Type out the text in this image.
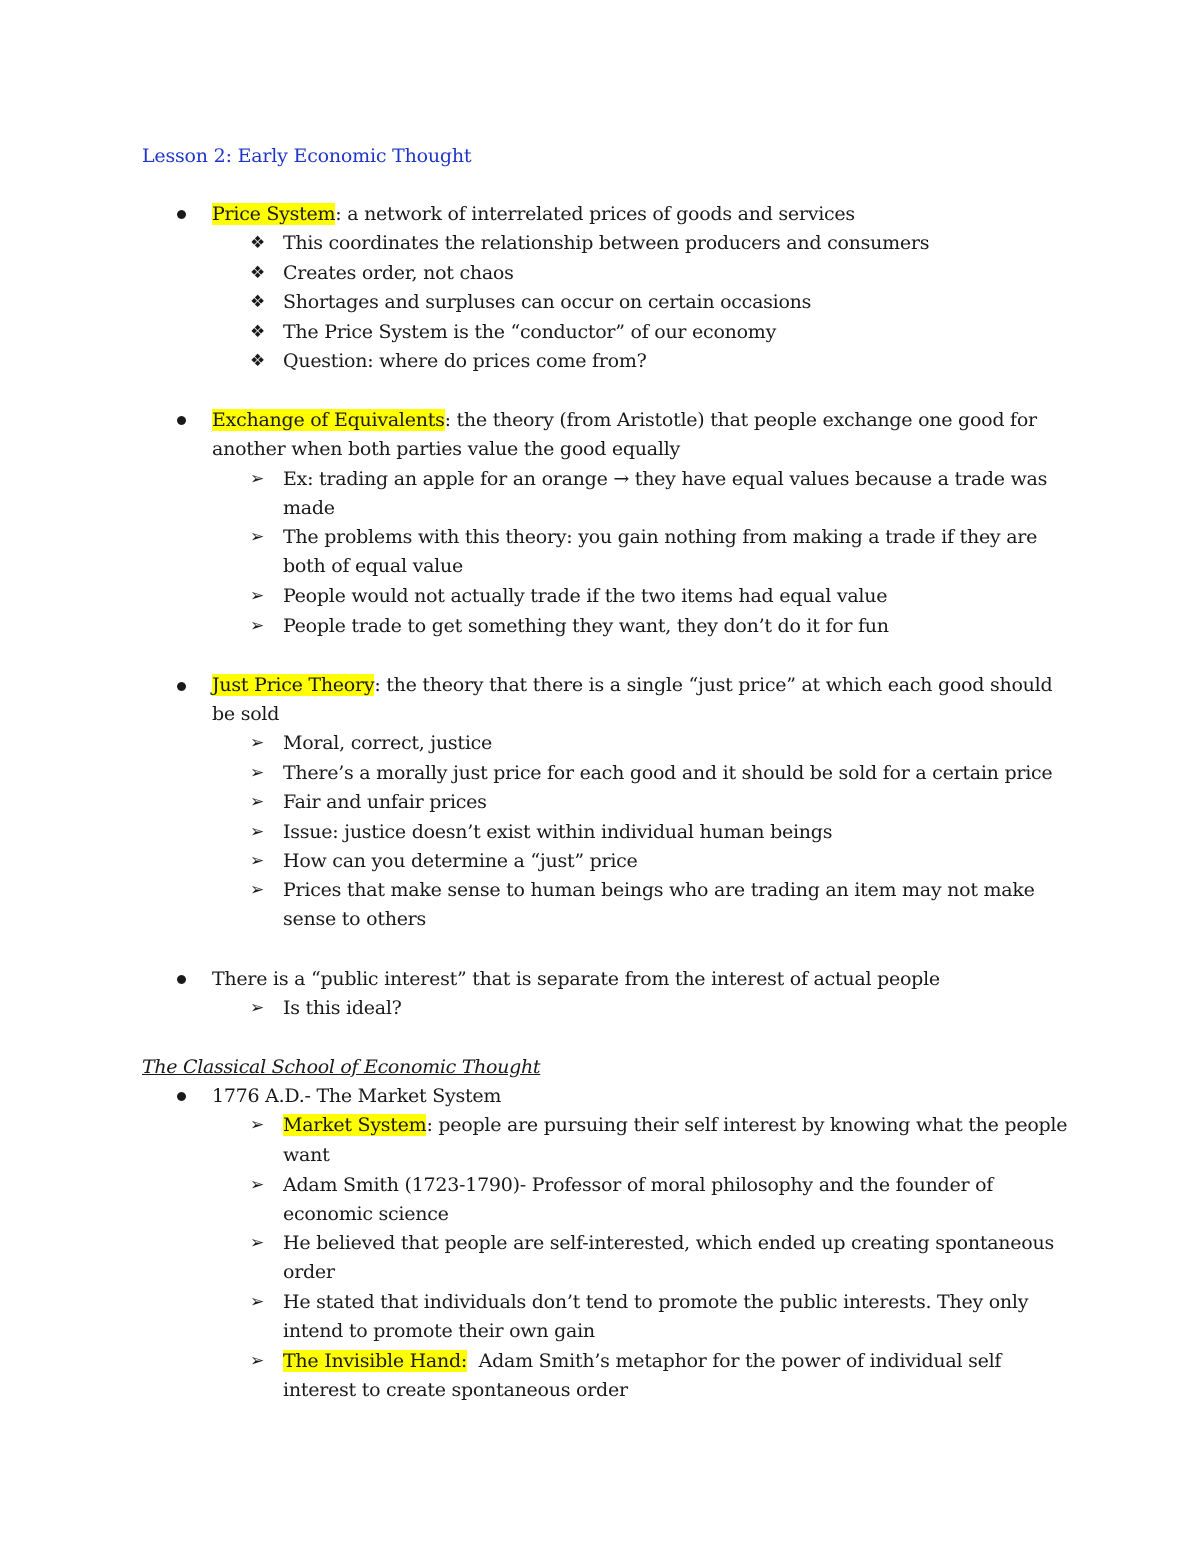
Lesson 2: Early Economic Thought
Price System: a network of interrelated prices of goods and services
❖ This coordinates the relationship between producers and consumers
❖ Creates order, not chaos
❖ Shortages and surpluses can occur on certain occasions
❖ The Price System is the “conductor” of our economy
❖ Question: where do prices come from?
Exchange of Equivalents: the theory (from Aristotle) that people exchange one good for
another when both parties value the good equally
➢ Ex: trading an apple for an orange → they have equal values because a trade was
made
➢ The problems with this theory: you gain nothing from making a trade if they are
both of equal value
➢ People would not actually trade if the two items had equal value
➢ People trade to get something they want, they don’t do it for fun
Just Price Theory: the theory that there is a single “just price” at which each good should
be sold
➢ Moral, correct, justice
➢ There’s a morally just price for each good and it should be sold for a certain price
➢ Fair and unfair prices
➢ Issue: justice doesn’t exist within individual human beings
➢ How can you determine a “just” price
➢ Prices that make sense to human beings who are trading an item may not make
sense to others
There is a “public interest” that is separate from the interest of actual people
➢ Is this ideal?
The Classical School of Economic Thought
1776 A.D.- The Market System
➢ Market System: people are pursuing their self interest by knowing what the people
want
➢ Adam Smith (1723-1790)- Professor of moral philosophy and the founder of
economic science
➢ He believed that people are self-interested, which ended up creating spontaneous
order
➢ He stated that individuals don’t tend to promote the public interests. They only
intend to promote their own gain
➢ The Invisible Hand:  Adam Smith’s metaphor for the power of individual self
interest to create spontaneous order
